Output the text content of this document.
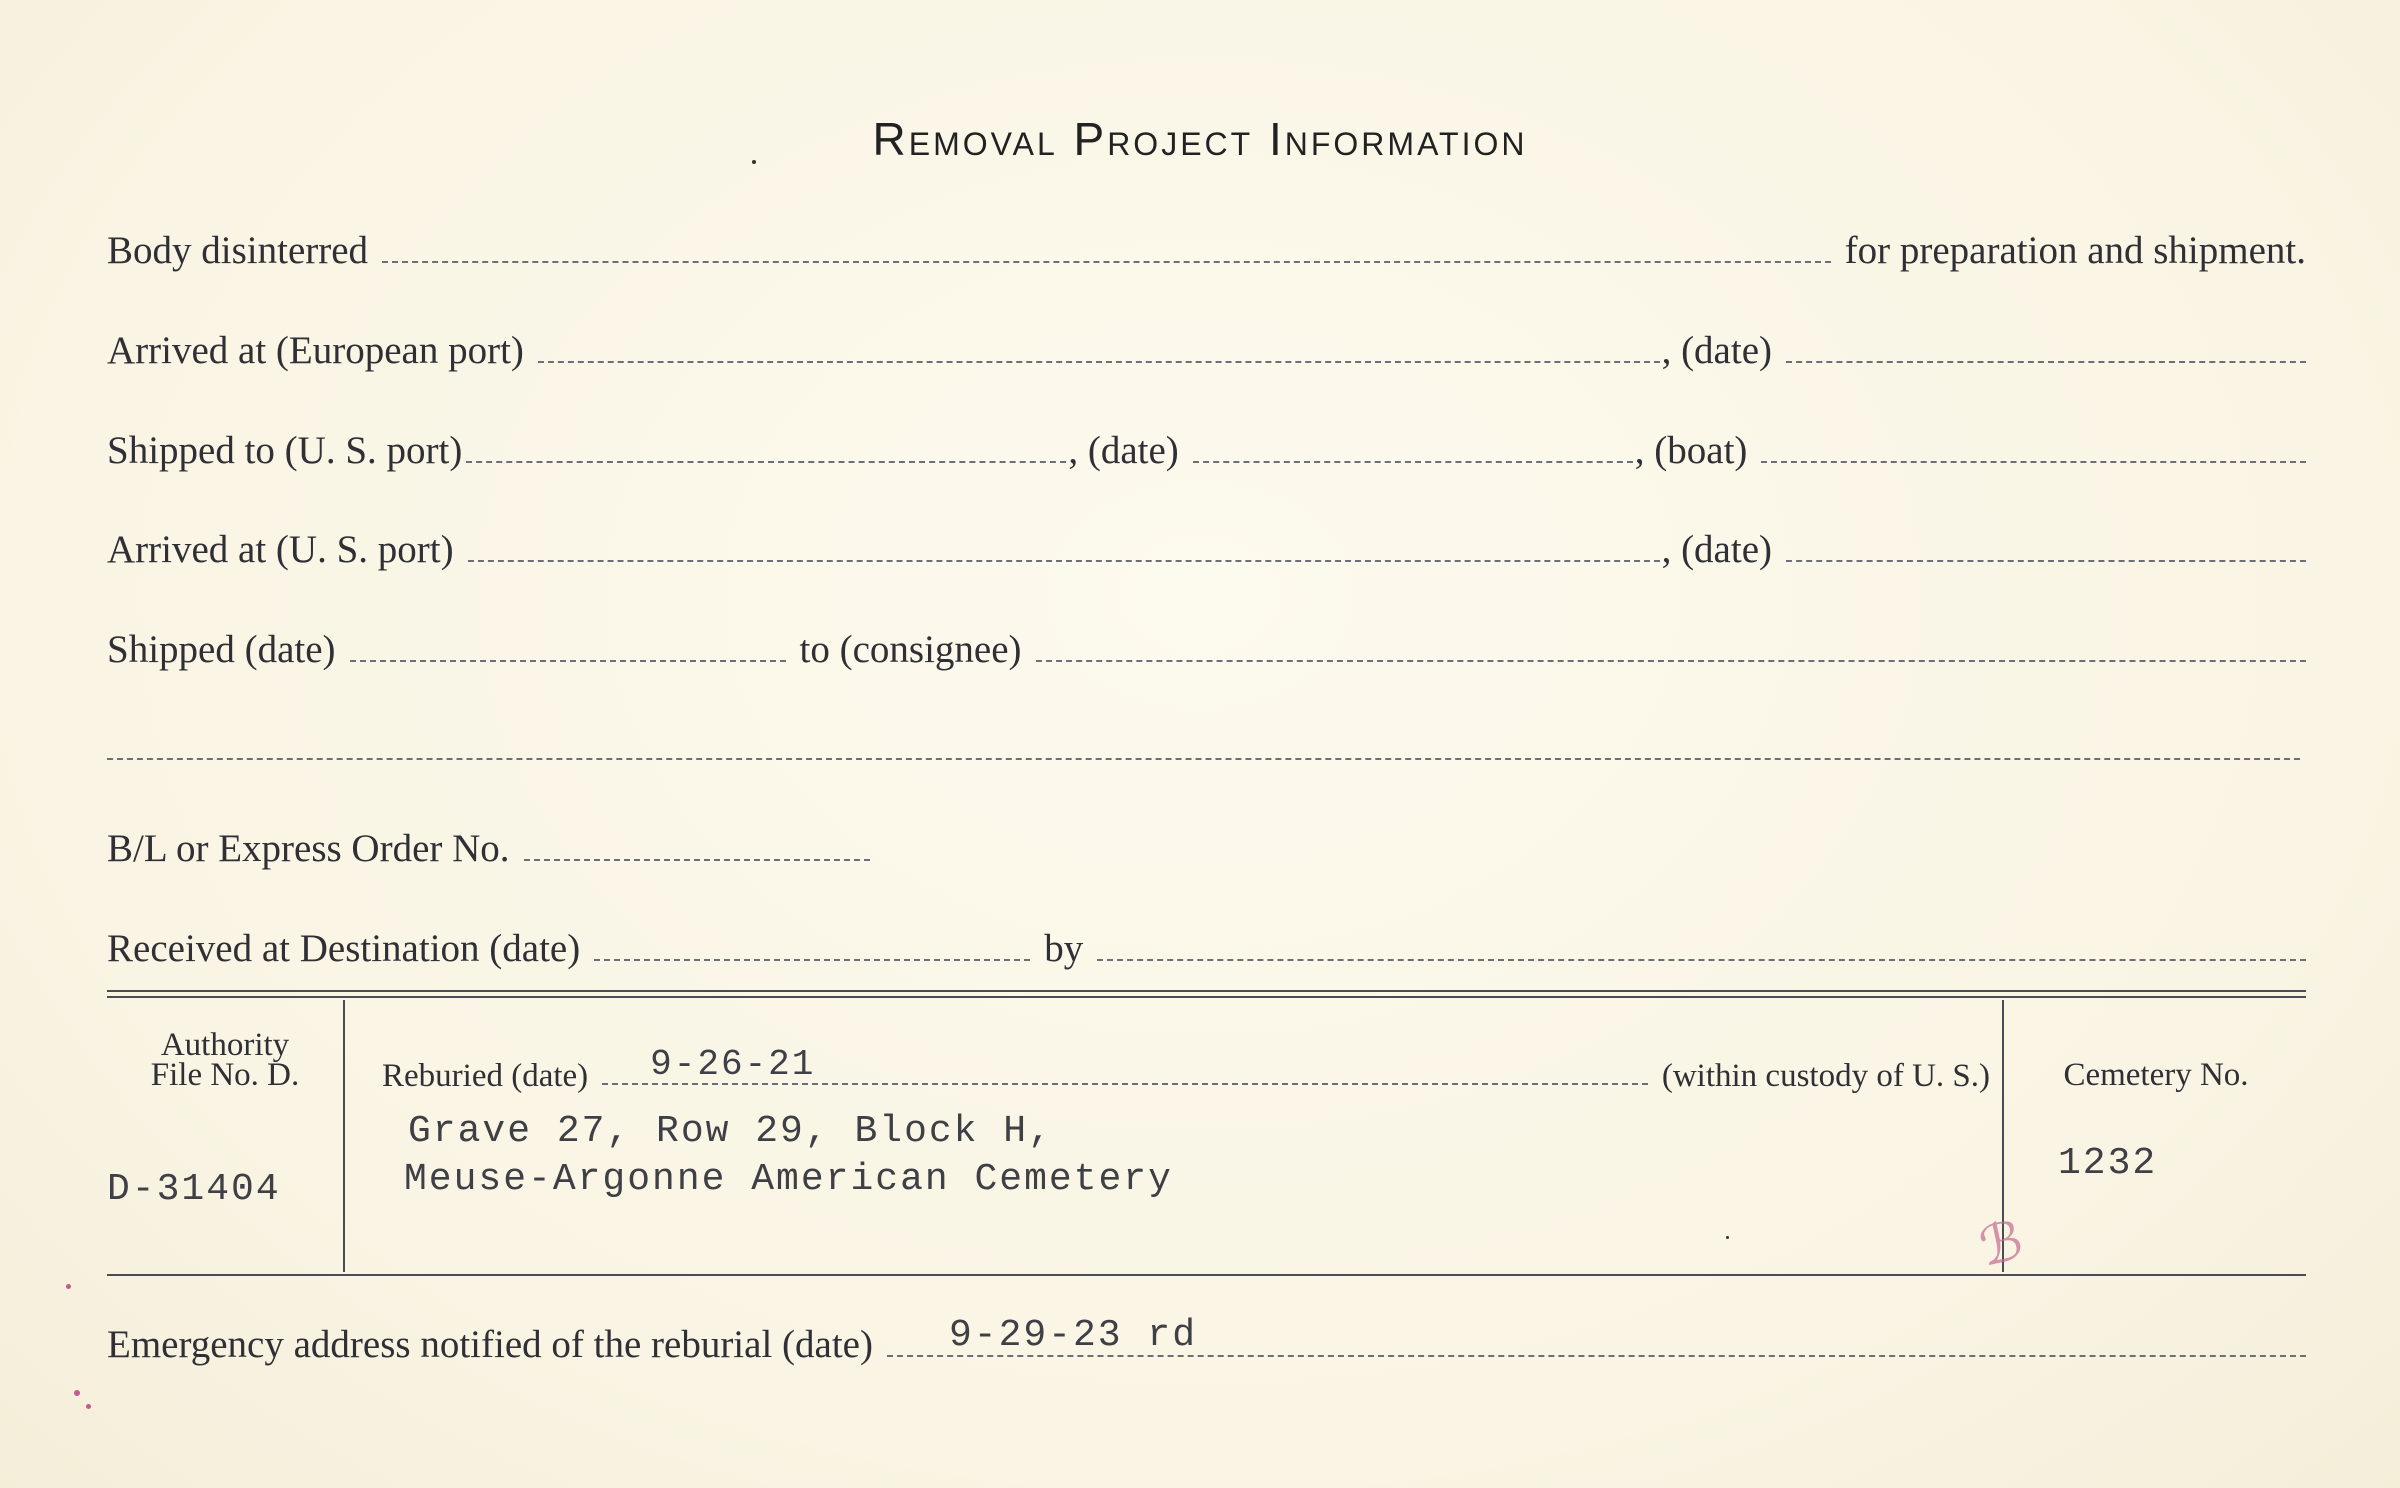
Removal Project Information
Body disinterred	for preparation and shipment.
Arrived at (European port)	, (date)
Shipped to (U. S. port)	, (date)	, (boat)
Arrived at (U. S. port)	, (date)
Shipped (date)	to (consignee)
B/L or Express Order No.
Received at Destination (date)	by
Authority
File No. D.
D-31404
Reburied (date) 9-26-21	(within custody of U. S.)
Grave 27, Row 29, Block H,
Meuse-Argonne American Cemetery
Cemetery No.
1232
Emergency address notified of the reburial (date) 9-29-23 rd
ℬ
